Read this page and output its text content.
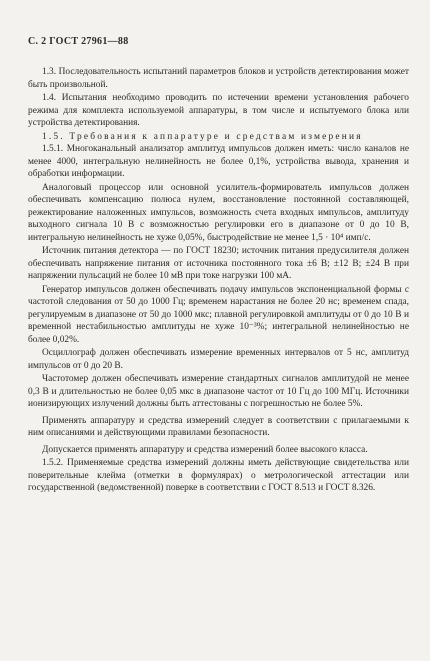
С. 2 ГОСТ 27961—88

1.3. Последовательность испытаний параметров блоков и устройств детектирования может быть произвольной.

1.4. Испытания необходимо проводить по истечении времени установления рабочего режима для комплекта используемой аппаратуры, в том числе и испытуемого блока или устройства детектирования.

1.5. Требования к аппаратуре и средствам измерения

1.5.1. Многоканальный анализатор амплитуд импульсов должен иметь: число каналов не менее 4000, интегральную нелинейность не более 0,1%, устройства вывода, хранения и обработки информации.

Аналоговый процессор или основной усилитель-формирователь импульсов должен обеспечивать компенсацию полюса нулем, восстановление постоянной составляющей, режектирование наложенных импульсов, возможность счета входных импульсов, амплитуду выходного сигнала 10 В с возможностью регулировки его в диапазоне от 0 до 10 В, интегральную нелинейность не хуже 0,05%, быстродействие не менее 1,5 · 10⁴ имп/с.

Источник питания детектора — по ГОСТ 18230; источник питания предусилителя должен обеспечивать напряжение питания от источника постоянного тока ±6 В; ±12 В; ±24 В при напряжении пульсаций не более 10 мВ при токе нагрузки 100 мА.

Генератор импульсов должен обеспечивать подачу импульсов экспоненциальной формы с частотой следования от 50 до 1000 Гц; временем нарастания не более 20 нс; временем спада, регулируемым в диапазоне от 50 до 1000 мкс; плавной регулировкой амплитуды от 0 до 10 В и временной нестабильностью амплитуды не хуже 10⁻³%; интегральной нелинейностью не более 0,02%.

Осциллограф должен обеспечивать измерение временных интервалов от 5 нс, амплитуд импульсов от 0 до 20 В.

Частотомер должен обеспечивать измерение стандартных сигналов амплитудой не менее 0,3 В и длительностью не более 0,05 мкс в диапазоне частот от 10 Гц до 100 МГц. Источники ионизирующих излучений должны быть аттестованы с погрешностью не более 5%.

Применять аппаратуру и средства измерений следует в соответствии с прилагаемыми к ним описаниями и действующими правилами безопасности.

Допускается применять аппаратуру и средства измерений более высокого класса.

1.5.2. Применяемые средства измерений должны иметь действующие свидетельства или поверительные клейма (отметки в формулярах) о метрологической аттестации или государственной (ведомственной) поверке в соответствии с ГОСТ 8.513 и ГОСТ 8.326.
